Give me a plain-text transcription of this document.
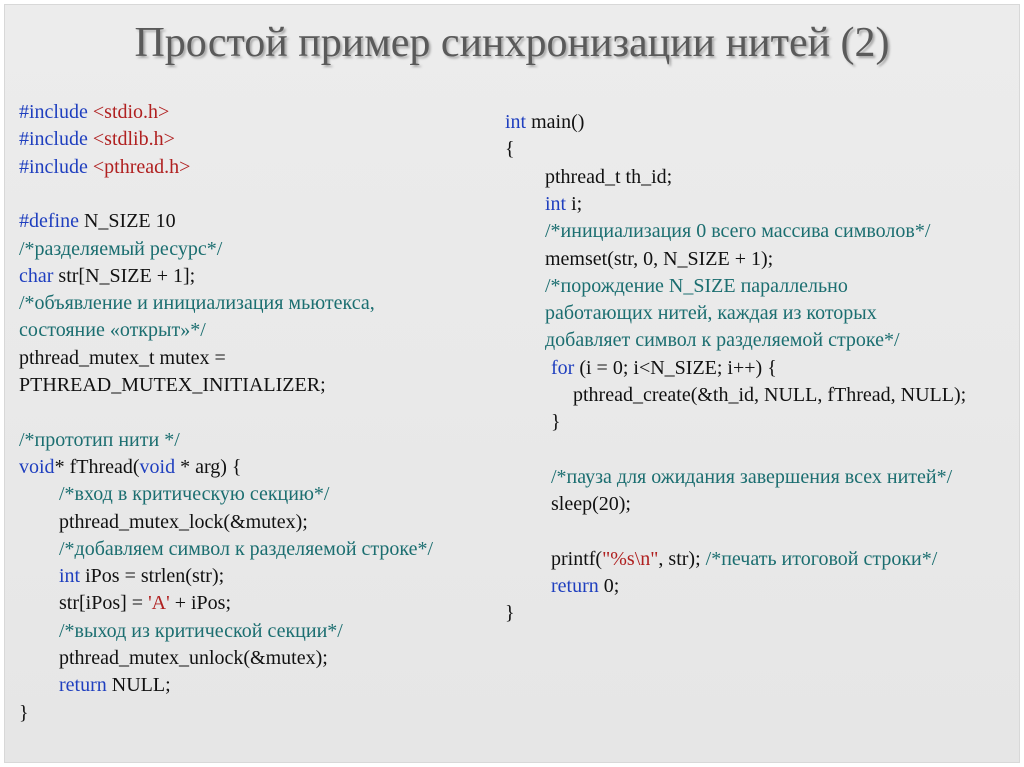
Простой пример синхронизации нитей (2)
#include <stdio.h>
#include <stdlib.h>
#include <pthread.h>
#define N_SIZE 10
/*разделяемый ресурс*/
char str[N_SIZE + 1];
/*объявление и инициализация мьютекса,
состояние «открыт»*/
pthread_mutex_t mutex =
PTHREAD_MUTEX_INITIALIZER;
/*прототип нити */
void* fThread(void * arg) {
/*вход в критическую секцию*/
pthread_mutex_lock(&mutex);
/*добавляем символ к разделяемой строке*/
int iPos = strlen(str);
str[iPos] = 'A' + iPos;
/*выход из критической секции*/
pthread_mutex_unlock(&mutex);
return NULL;
}
int main()
{
pthread_t th_id;
int i;
/*инициализация 0 всего массива символов*/
memset(str, 0, N_SIZE + 1);
/*порождение N_SIZE параллельно
работающих нитей, каждая из которых
добавляет символ к разделяемой строке*/
for (i = 0; i<N_SIZE; i++) {
pthread_create(&th_id, NULL, fThread, NULL);
}
/*пауза для ожидания завершения всех нитей*/
sleep(20);
printf("%s\n", str); /*печать итоговой строки*/
return 0;
}
